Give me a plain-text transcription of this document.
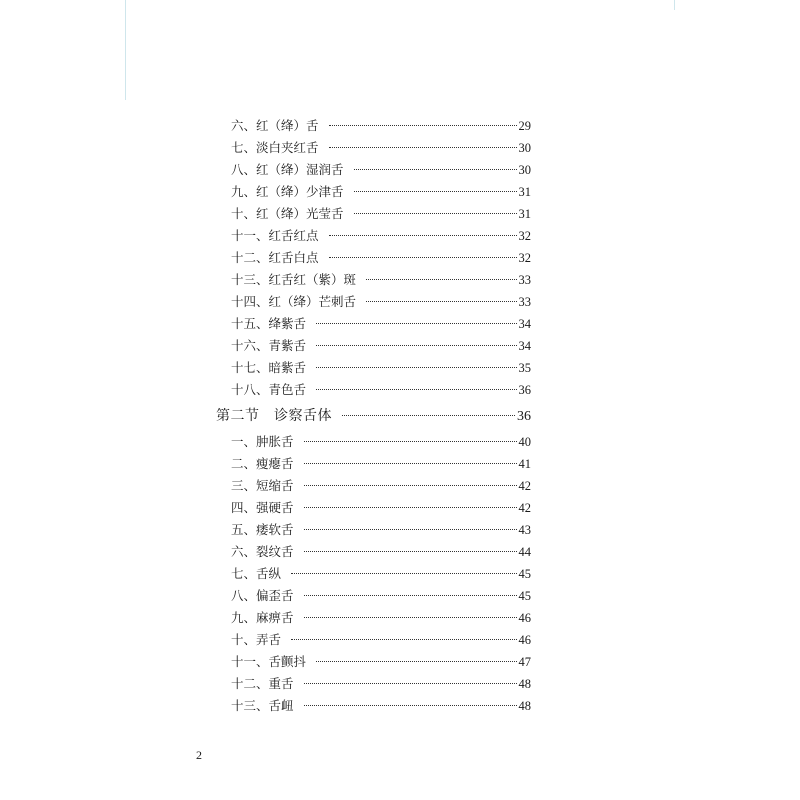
六、红（绛）舌	29
七、淡白夹红舌	30
八、红（绛）湿润舌	30
九、红（绛）少津舌	31
十、红（绛）光莹舌	31
十一、红舌红点	32
十二、红舌白点	32
十三、红舌红（紫）斑	33
十四、红（绛）芒刺舌	33
十五、绛紫舌	34
十六、青紫舌	34
十七、暗紫舌	35
十八、青色舌	36
第二节　诊察舌体	36
一、肿胀舌	40
二、瘦瘪舌	41
三、短缩舌	42
四、强硬舌	42
五、痿软舌	43
六、裂纹舌	44
七、舌纵	45
八、偏歪舌	45
九、麻痹舌	46
十、弄舌	46
十一、舌颤抖	47
十二、重舌	48
十三、舌衄	48
2
